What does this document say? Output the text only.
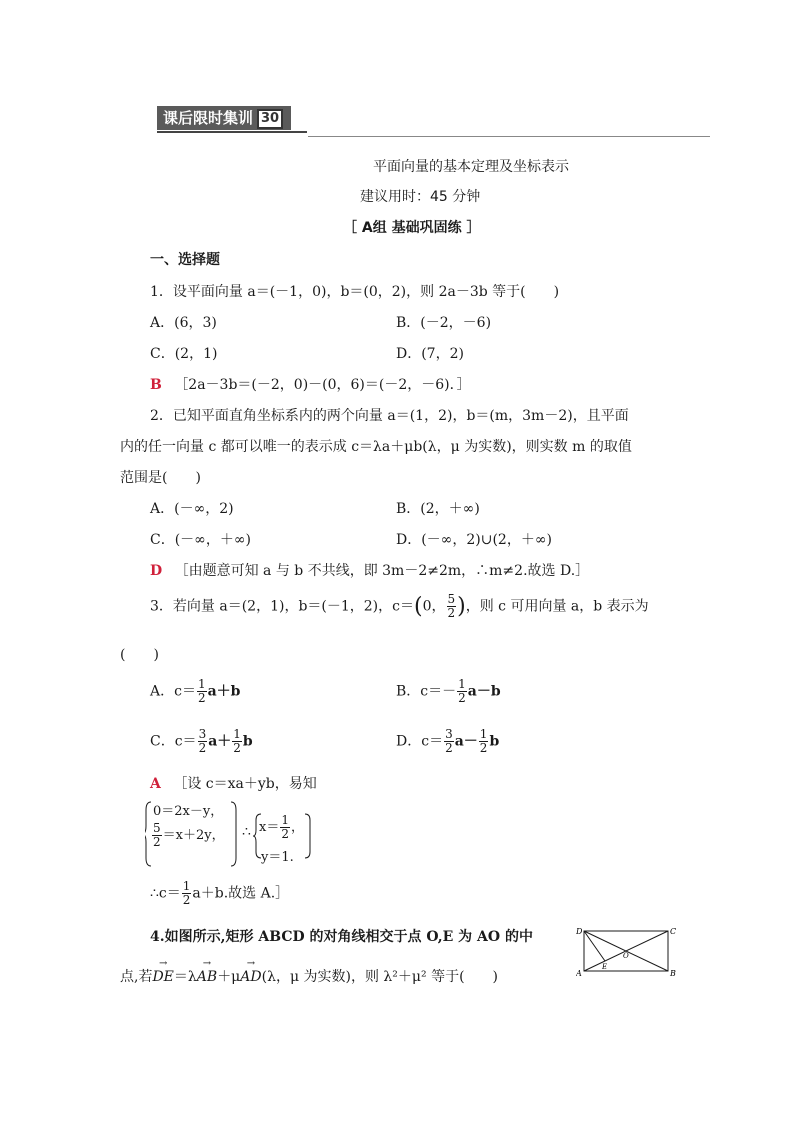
课后限时集训 30
平面向量的基本定理及坐标表示
建议用时：45 分钟
［ A组 基础巩固练 ］
一、选择题
1．设平面向量 a＝(－1，0)，b＝(0，2)，则 2a－3b 等于(　　)
A．(6，3)	B．(－2，－6)
C．(2，1)	D．(7，2)
B ［2a－3b＝(－2，0)－(0，6)＝(－2，－6)．］
2．已知平面直角坐标系内的两个向量 a＝(1，2)，b＝(m，3m－2)，且平面
内的任一向量 c 都可以唯一的表示成 c＝λa＋μb(λ，μ 为实数)，则实数 m 的取值
范围是(　　)
A．(－∞，2)	B．(2，＋∞)
C．(－∞，＋∞)	D．(－∞，2)∪(2，＋∞)
D ［由题意可知 a 与 b 不共线，即 3m－2≠2m，∴m≠2.故选 D.］
3．若向量 a＝(2，1)，b＝(－1，2)，c＝(0， $\frac{5}{2}$ )，则 c 可用向量 a，b 表示为
(　　)
A．$c= \frac{1}{2} a+b$	B．$c=- \frac{1}{2} a-b$
C．$c= \frac{3}{2} a+ \frac{1}{2}$ b	D．$c= \frac{3}{2} a- \frac{1}{2}$ b
A ［设 c＝xa＋yb，易知
0＝2x－y，
$\frac{5}{2} =x+2y$， ∴ $x= \frac{1}{2}$ ，
y＝1.
∴c＝ $\frac{1}{2} a+b$.故选 A.］
4.如图所示,矩形 ABCD 的对角线相交于点 O,E 为 AO 的中
点,若→ DE＝λ→ AB＋μ→ AD(λ，μ 为实数)，则 λ²＋μ² 等于(　　)
D	C
A	B
E
O
